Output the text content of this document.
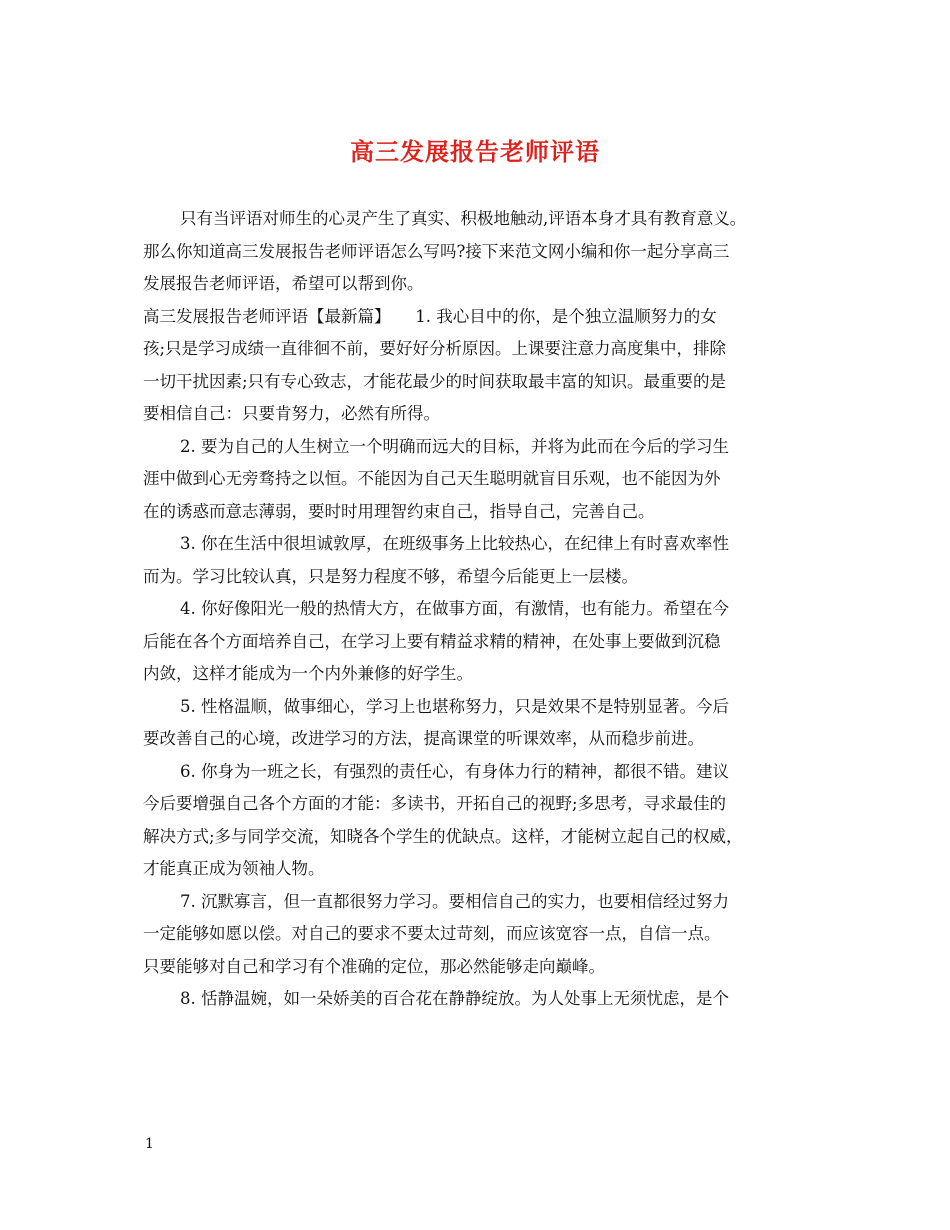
高三发展报告老师评语
只有当评语对师生的心灵产生了真实、积极地触动,评语本身才具有教育意义。
那么你知道高三发展报告老师评语怎么写吗?接下来范文网小编和你一起分享高三
发展报告老师评语，希望可以帮到你。
高三发展报告老师评语【最新篇】　　1. 我心目中的你，是个独立温顺努力的女
孩;只是学习成绩一直徘徊不前，要好好分析原因。上课要注意力高度集中，排除
一切干扰因素;只有专心致志，才能花最少的时间获取最丰富的知识。最重要的是
要相信自己：只要肯努力，必然有所得。
2. 要为自己的人生树立一个明确而远大的目标，并将为此而在今后的学习生
涯中做到心无旁骛持之以恒。不能因为自己天生聪明就盲目乐观，也不能因为外
在的诱惑而意志薄弱，要时时用理智约束自己，指导自己，完善自己。
3. 你在生活中很坦诚敦厚，在班级事务上比较热心，在纪律上有时喜欢率性
而为。学习比较认真，只是努力程度不够，希望今后能更上一层楼。
4. 你好像阳光一般的热情大方，在做事方面，有激情，也有能力。希望在今
后能在各个方面培养自己，在学习上要有精益求精的精神，在处事上要做到沉稳
内敛，这样才能成为一个内外兼修的好学生。
5. 性格温顺，做事细心，学习上也堪称努力，只是效果不是特别显著。今后
要改善自己的心境，改进学习的方法，提高课堂的听课效率，从而稳步前进。
6. 你身为一班之长，有强烈的责任心，有身体力行的精神，都很不错。建议
今后要增强自己各个方面的才能：多读书，开拓自己的视野;多思考，寻求最佳的
解决方式;多与同学交流，知晓各个学生的优缺点。这样，才能树立起自己的权威，
才能真正成为领袖人物。
7. 沉默寡言，但一直都很努力学习。要相信自己的实力，也要相信经过努力
一定能够如愿以偿。对自己的要求不要太过苛刻，而应该宽容一点，自信一点。
只要能够对自己和学习有个准确的定位，那必然能够走向巅峰。
8. 恬静温婉，如一朵娇美的百合花在静静绽放。为人处事上无须忧虑，是个
1
